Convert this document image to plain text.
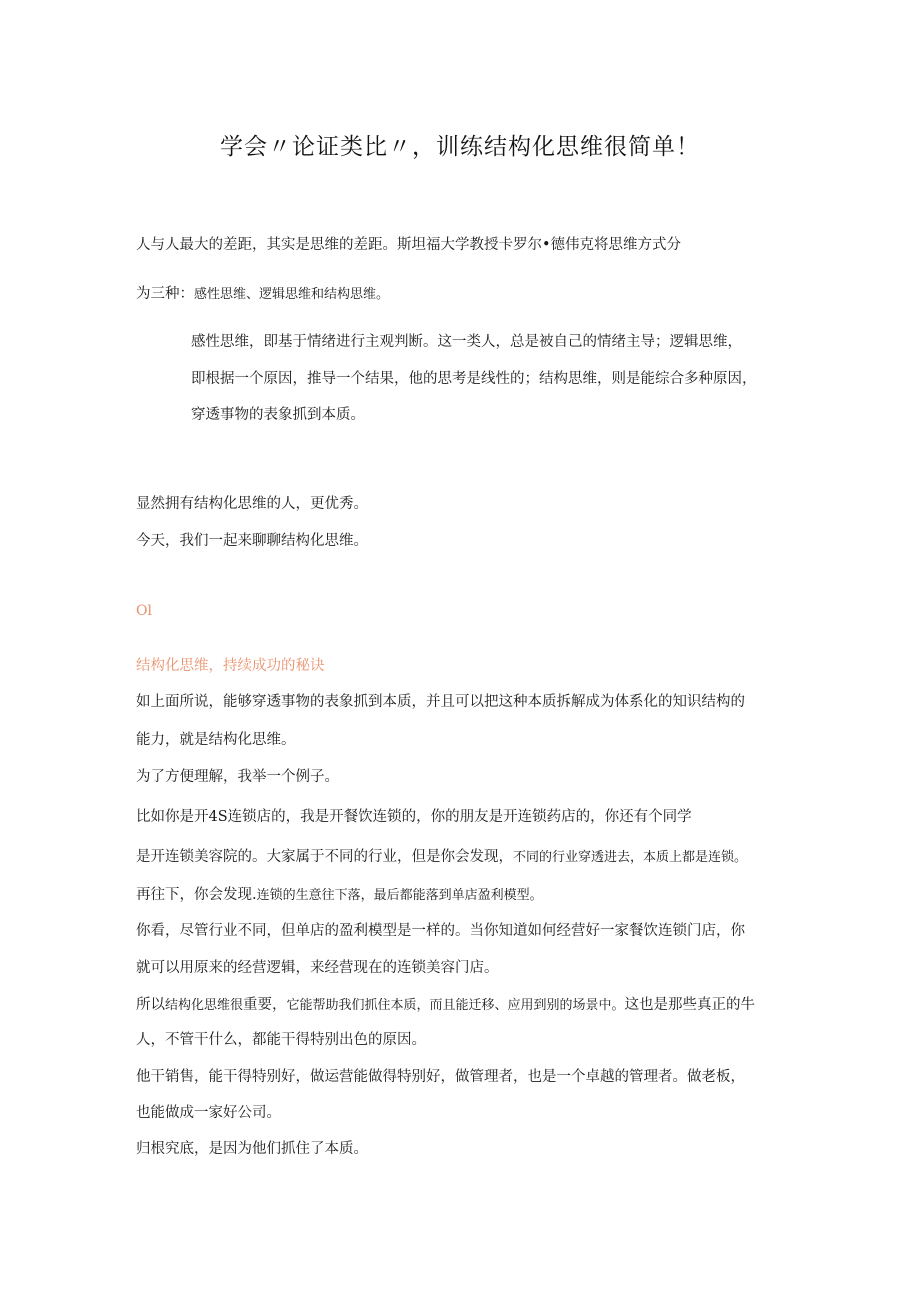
学会〃论证类比〃，训练结构化思维很简单！
人与人最大的差距，其实是思维的差距。斯坦福大学教授卡罗尔•德伟克将思维方式分
为三种：感性思维、逻辑思维和结构思维。
感性思维，即基于情绪进行主观判断。这一类人，总是被自己的情绪主导；逻辑思维，
即根据一个原因，推导一个结果，他的思考是线性的；结构思维，则是能综合多种原因，
穿透事物的表象抓到本质。
显然拥有结构化思维的人，更优秀。
今天，我们一起来聊聊结构化思维。
Ol
结构化思维，持续成功的秘诀
如上面所说，能够穿透事物的表象抓到本质，并且可以把这种本质拆解成为体系化的知识结构的
能力，就是结构化思维。
为了方便理解，我举一个例子。
比如你是开4S连锁店的，我是开餐饮连锁的，你的朋友是开连锁药店的，你还有个同学
是开连锁美容院的。大家属于不同的行业，但是你会发现，不同的行业穿透进去，本质上都是连锁。
再往下，你会发现.连锁的生意往下落，最后都能落到单店盈利模型。
你看，尽管行业不同，但单店的盈利模型是一样的。当你知道如何经营好一家餐饮连锁门店，你
就可以用原来的经营逻辑，来经营现在的连锁美容门店。
所以结构化思维很重要，它能帮助我们抓住本质，而且能迁移、应用到别的场景中。这也是那些真正的牛
人，不管干什么，都能干得特别出色的原因。
他干销售，能干得特别好，做运营能做得特别好，做管理者，也是一个卓越的管理者。做老板，
也能做成一家好公司。
归根究底，是因为他们抓住了本质。
